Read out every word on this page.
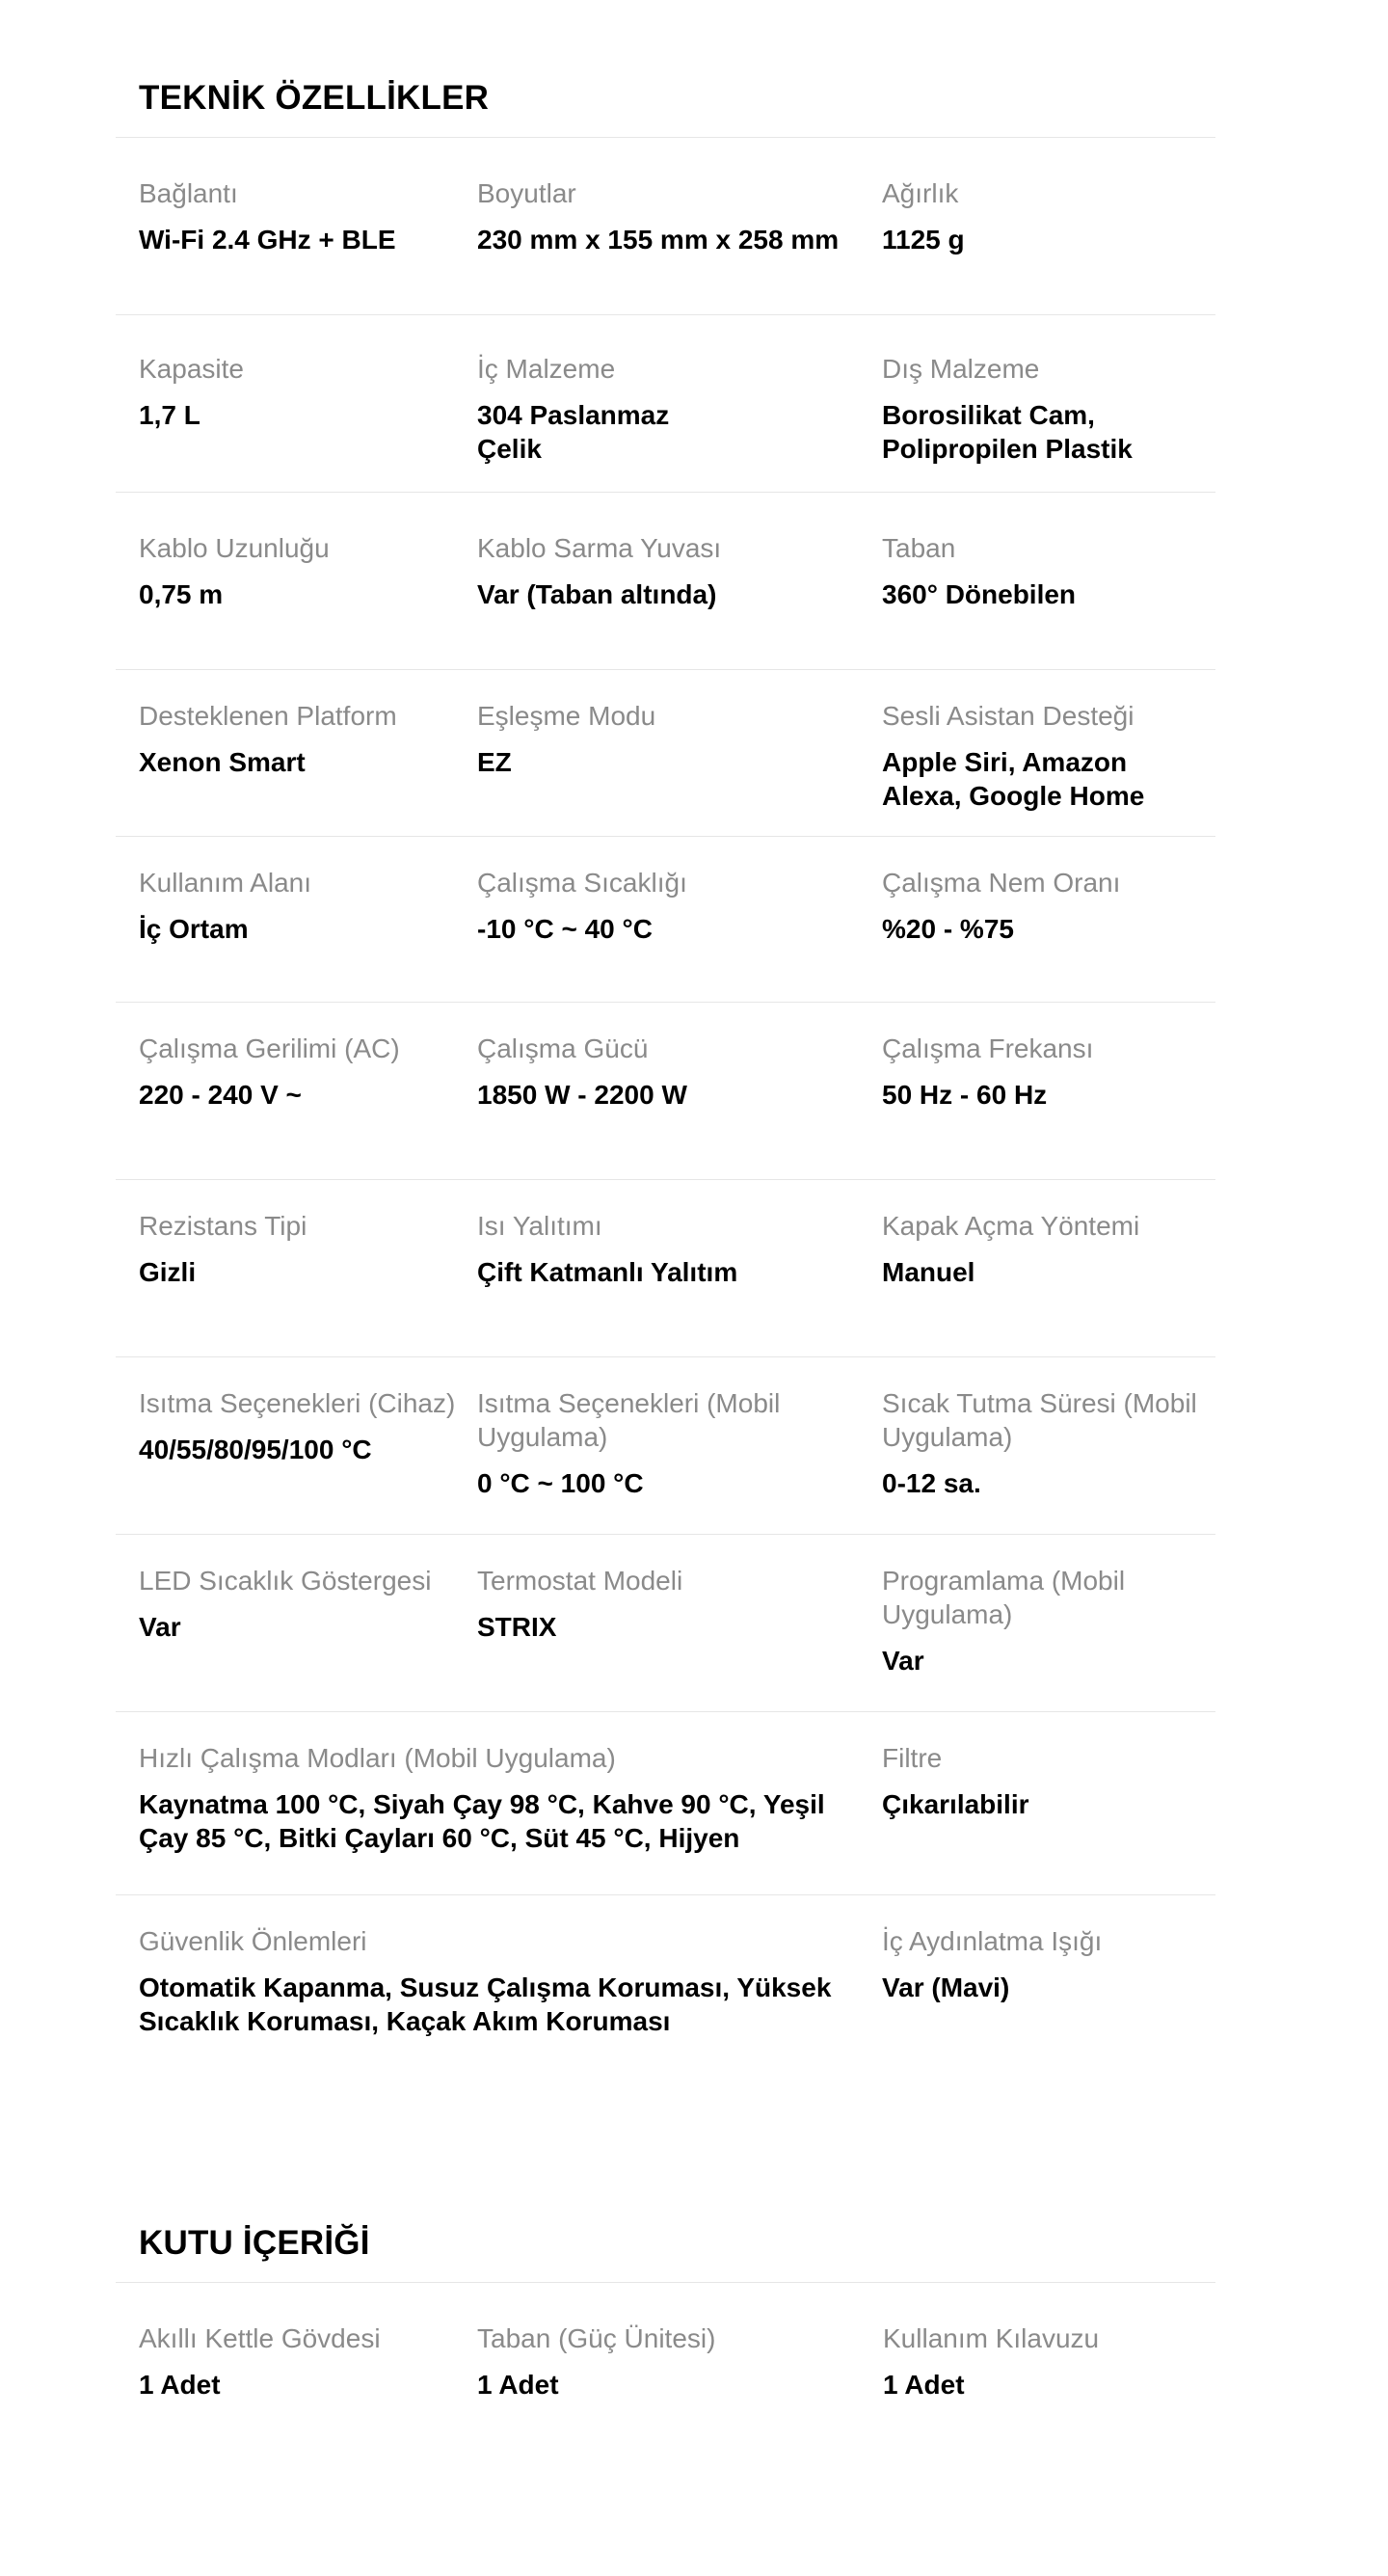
TEKNİK ÖZELLİKLER
Bağlantı
Wi-Fi 2.4 GHz + BLE
Boyutlar
230 mm x 155 mm x 258 mm
Ağırlık
1125 g
Kapasite
1,7 L
İç Malzeme
304 Paslanmaz Çelik
Dış Malzeme
Borosilikat Cam, Polipropilen Plastik
Kablo Uzunluğu
0,75 m
Kablo Sarma Yuvası
Var (Taban altında)
Taban
360° Dönebilen
Desteklenen Platform
Xenon Smart
Eşleşme Modu
EZ
Sesli Asistan Desteği
Apple Siri, Amazon Alexa, Google Home
Kullanım Alanı
İç Ortam
Çalışma Sıcaklığı
-10 °C ~ 40 °C
Çalışma Nem Oranı
%20 - %75
Çalışma Gerilimi (AC)
220 - 240 V ~
Çalışma Gücü
1850 W - 2200 W
Çalışma Frekansı
50 Hz - 60 Hz
Rezistans Tipi
Gizli
Isı Yalıtımı
Çift Katmanlı Yalıtım
Kapak Açma Yöntemi
Manuel
Isıtma Seçenekleri (Cihaz)
40/55/80/95/100 °C
Isıtma Seçenekleri (Mobil Uygulama)
0 °C ~ 100 °C
Sıcak Tutma Süresi (Mobil Uygulama)
0-12 sa.
LED Sıcaklık Göstergesi
Var
Termostat Modeli
STRIX
Programlama (Mobil Uygulama)
Var
Hızlı Çalışma Modları (Mobil Uygulama)
Kaynatma 100 °C, Siyah Çay 98 °C, Kahve 90 °C, Yeşil Çay 85 °C, Bitki Çayları 60 °C, Süt 45 °C, Hijyen
Filtre
Çıkarılabilir
Güvenlik Önlemleri
Otomatik Kapanma, Susuz Çalışma Koruması, Yüksek Sıcaklık Koruması, Kaçak Akım Koruması
İç Aydınlatma Işığı
Var (Mavi)
KUTU İÇERİĞİ
Akıllı Kettle Gövdesi
1 Adet
Taban (Güç Ünitesi)
1 Adet
Kullanım Kılavuzu
1 Adet
